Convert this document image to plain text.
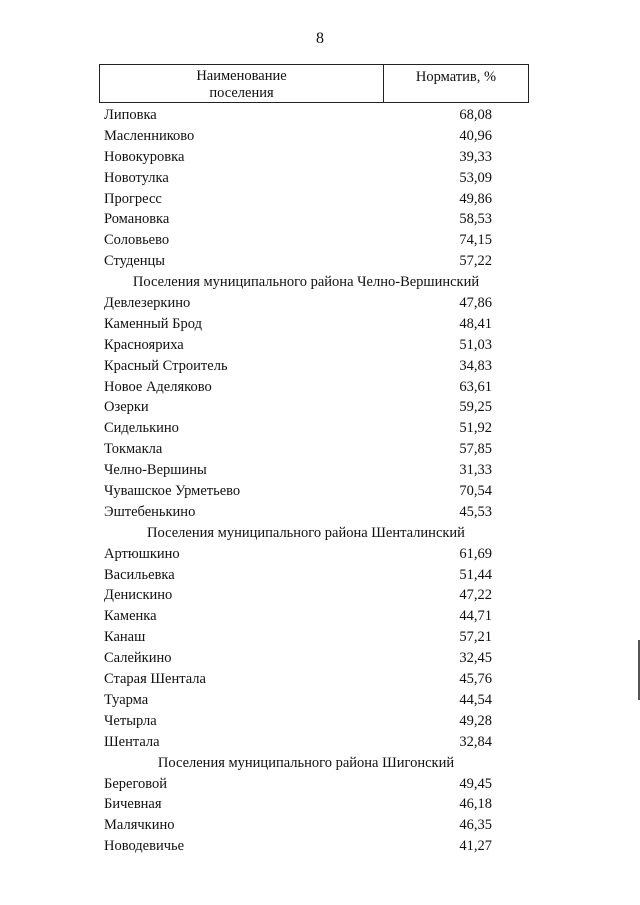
8
Наименование
поселения
Норматив, %
Липовка	68,08
Масленниково	40,96
Новокуровка	39,33
Новотулка	53,09
Прогресс	49,86
Романовка	58,53
Соловьево	74,15
Студенцы	57,22
Поселения муниципального района Челно-Вершинский
Девлезеркино	47,86
Каменный Брод	48,41
Краснояриха	51,03
Красный Строитель	34,83
Новое Аделяково	63,61
Озерки	59,25
Сиделькино	51,92
Токмакла	57,85
Челно-Вершины	31,33
Чувашское Урметьево	70,54
Эштебенькино	45,53
Поселения муниципального района Шенталинский
Артюшкино	61,69
Васильевка	51,44
Денискино	47,22
Каменка	44,71
Канаш	57,21
Салейкино	32,45
Старая Шентала	45,76
Туарма	44,54
Четырла	49,28
Шентала	32,84
Поселения муниципального района Шигонский
Береговой	49,45
Бичевная	46,18
Малячкино	46,35
Новодевичье	41,27
